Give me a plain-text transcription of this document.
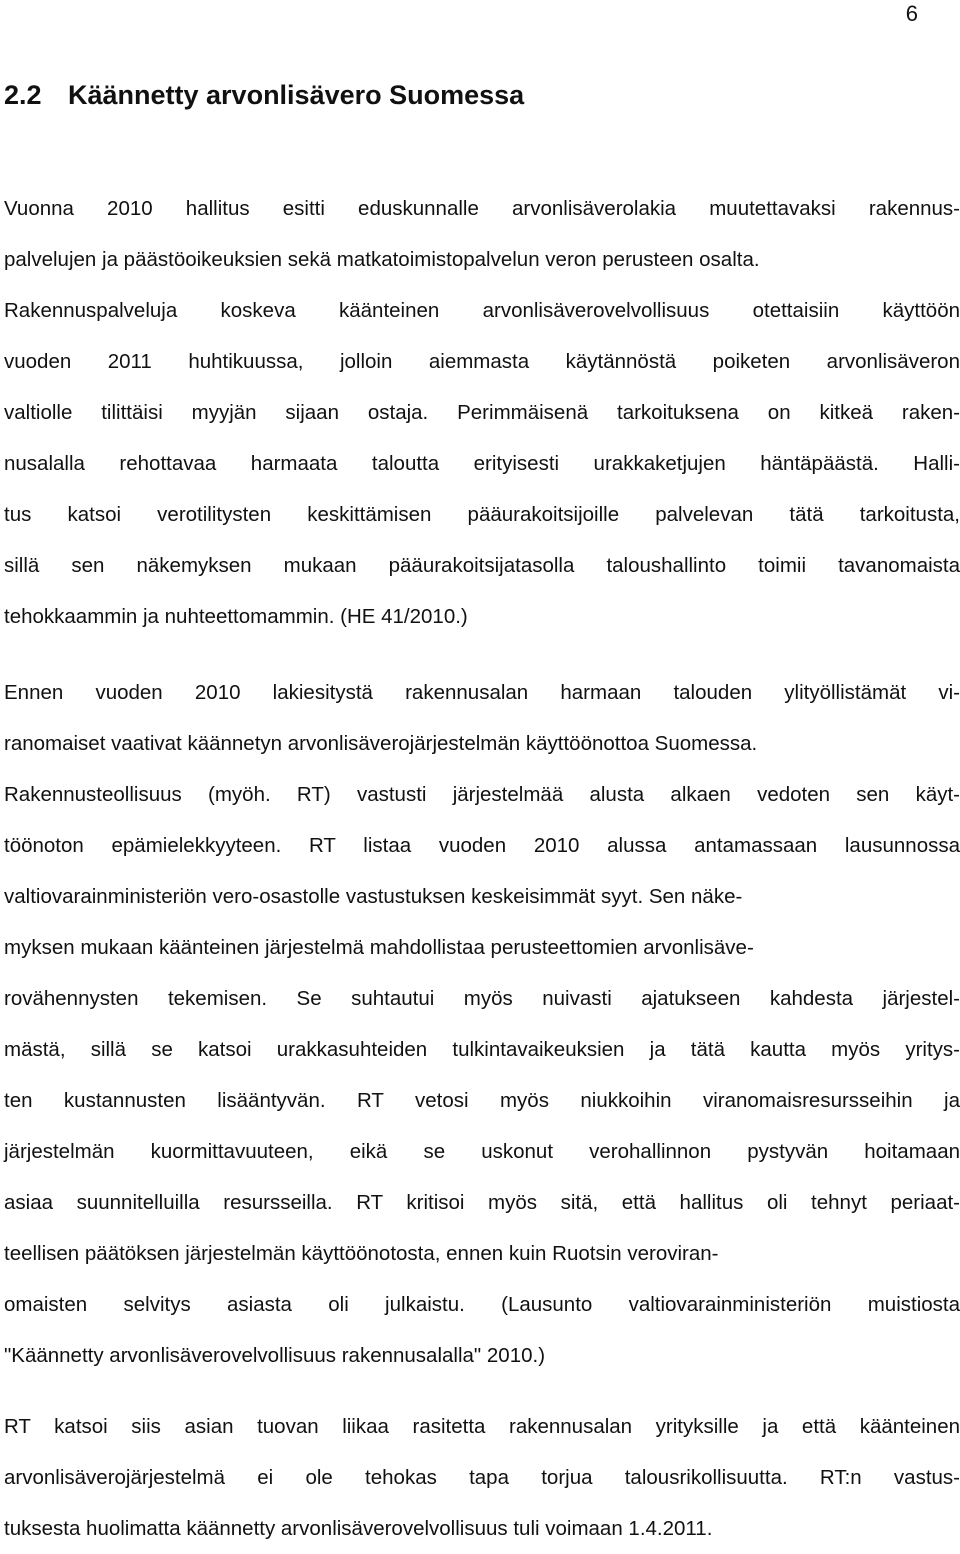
6
2.2 Käännetty arvonlisävero Suomessa

Vuonna 2010 hallitus esitti eduskunnalle arvonlisäverolakia muutettavaksi rakennus-
palvelujen ja päästöoikeuksien sekä matkatoimistopalvelun veron perusteen osalta.
Rakennuspalveluja koskeva käänteinen arvonlisäverovelvollisuus otettaisiin käyttöön
vuoden 2011 huhtikuussa, jolloin aiemmasta käytännöstä poiketen arvonlisäveron
valtiolle tilittäisi myyjän sijaan ostaja. Perimmäisenä tarkoituksena on kitkeä raken-
nusalalla rehottavaa harmaata taloutta erityisesti urakkaketjujen häntäpäästä. Halli-
tus katsoi verotilitysten keskittämisen pääurakoitsijoille palvelevan tätä tarkoitusta,
sillä sen näkemyksen mukaan pääurakoitsijatasolla taloushallinto toimii tavanomaista
tehokkaammin ja nuhteettomammin. (HE 41/2010.)

Ennen vuoden 2010 lakiesitystä rakennusalan harmaan talouden ylityöllistämät vi-
ranomaiset vaativat käännetyn arvonlisäverojärjestelmän käyttöönottoa Suomessa.
Rakennusteollisuus (myöh. RT) vastusti järjestelmää alusta alkaen vedoten sen käyt-
töönoton epämielekkyyteen. RT listaa vuoden 2010 alussa antamassaan lausunnossa
valtiovarainministeriön vero-osastolle vastustuksen keskeisimmät syyt. Sen näke-
myksen mukaan käänteinen järjestelmä mahdollistaa perusteettomien arvonlisäve-
rovähennysten tekemisen. Se suhtautui myös nuivasti ajatukseen kahdesta järjestel-
mästä, sillä se katsoi urakkasuhteiden tulkintavaikeuksien ja tätä kautta myös yritys-
ten kustannusten lisääntyvän. RT vetosi myös niukkoihin viranomaisresursseihin ja
järjestelmän kuormittavuuteen, eikä se uskonut verohallinnon pystyvän hoitamaan
asiaa suunnitelluilla resursseilla. RT kritisoi myös sitä, että hallitus oli tehnyt periaat-
teellisen päätöksen järjestelmän käyttöönotosta, ennen kuin Ruotsin veroviran-
omaisten selvitys asiasta oli julkaistu. (Lausunto valtiovarainministeriön muistiosta
"Käännetty arvonlisäverovelvollisuus rakennusalalla" 2010.)

RT katsoi siis asian tuovan liikaa rasitetta rakennusalan yrityksille ja että käänteinen
arvonlisäverojärjestelmä ei ole tehokas tapa torjua talousrikollisuutta. RT:n vastus-
tuksesta huolimatta käännetty arvonlisäverovelvollisuus tuli voimaan 1.4.2011.
